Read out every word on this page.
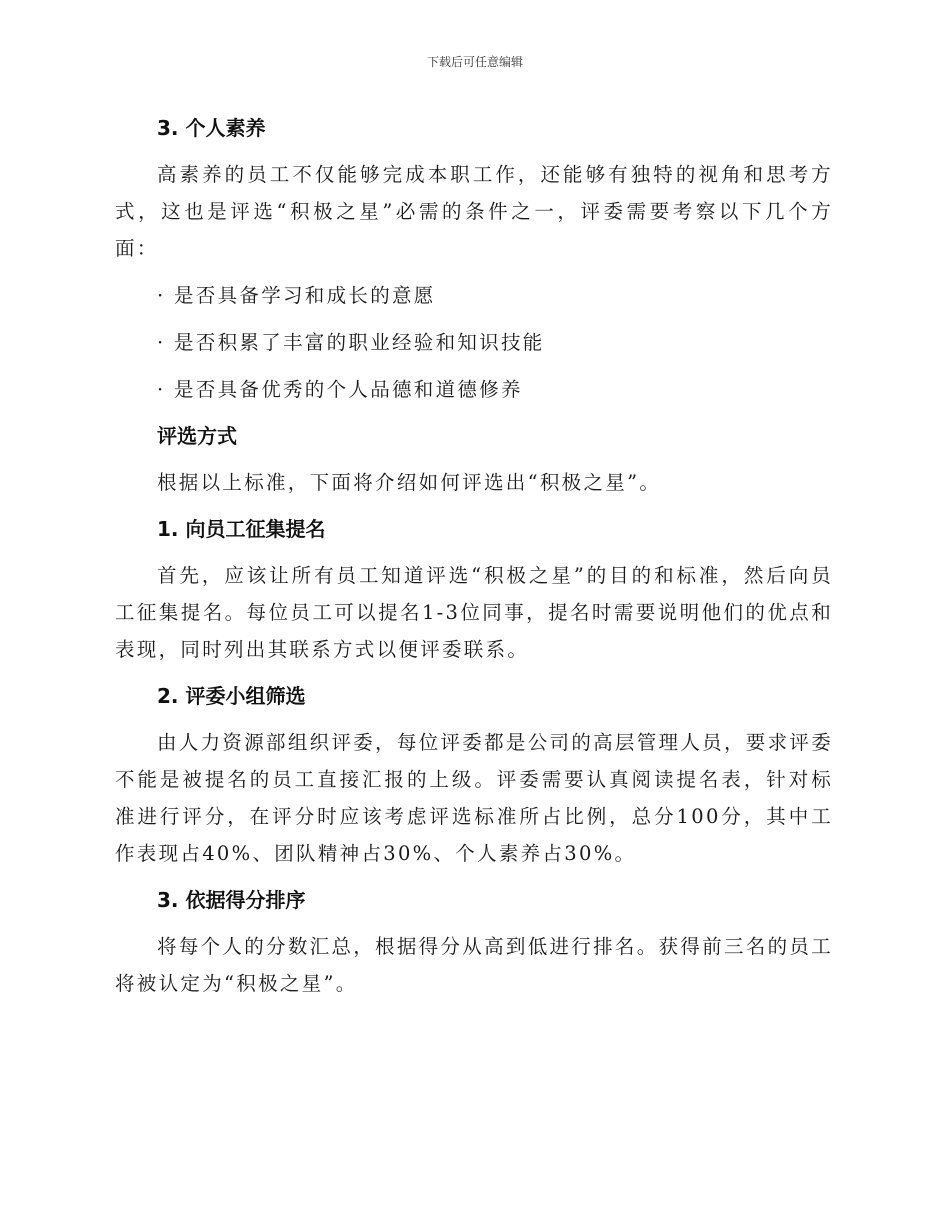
下载后可任意编辑
3. 个人素养

高素养的员工不仅能够完成本职工作，还能够有独特的视角和思考方式，这也是评选“积极之星”必需的条件之一，评委需要考察以下几个方面：

· 是否具备学习和成长的意愿
· 是否积累了丰富的职业经验和知识技能
· 是否具备优秀的个人品德和道德修养
评选方式

根据以上标准，下面将介绍如何评选出“积极之星”。

1. 向员工征集提名

首先，应该让所有员工知道评选“积极之星”的目的和标准，然后向员工征集提名。每位员工可以提名1-3位同事，提名时需要说明他们的优点和表现，同时列出其联系方式以便评委联系。

2. 评委小组筛选

由人力资源部组织评委，每位评委都是公司的高层管理人员，要求评委不能是被提名的员工直接汇报的上级。评委需要认真阅读提名表，针对标准进行评分，在评分时应该考虑评选标准所占比例，总分100分，其中工作表现占40%、团队精神占30%、个人素养占30%。

3. 依据得分排序

将每个人的分数汇总，根据得分从高到低进行排名。获得前三名的员工将被认定为“积极之星”。
